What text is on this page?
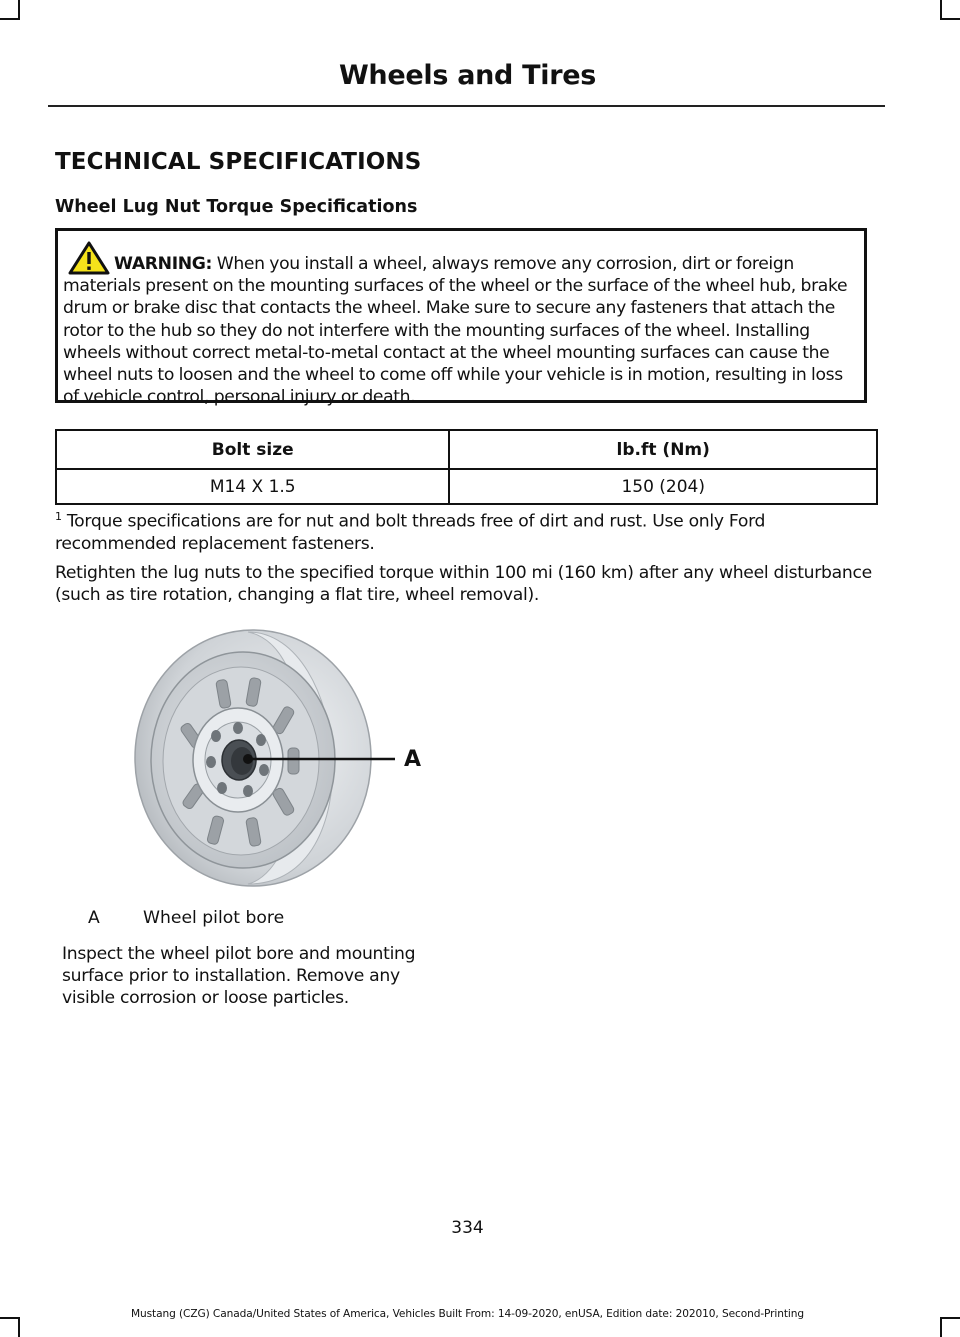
Wheels and Tires
TECHNICAL SPECIFICATIONS
Wheel Lug Nut Torque Specifications
WARNING: When you install a wheel, always remove any corrosion, dirt or foreign materials present on the mounting surfaces of the wheel or the surface of the wheel hub, brake drum or brake disc that contacts the wheel. Make sure to secure any fasteners that attach the rotor to the hub so they do not interfere with the mounting surfaces of the wheel. Installing wheels without correct metal-to-metal contact at the wheel mounting surfaces can cause the wheel nuts to loosen and the wheel to come off while your vehicle is in motion, resulting in loss of vehicle control, personal injury or death.
Bolt size	lb.ft (Nm)
M14 X 1.5	150 (204)

$^1$ Torque specifications are for nut and bolt threads free of dirt and rust. Use only Ford recommended replacement fasteners.

Retighten the lug nuts to the specified torque within 100 mi (160 km) after any wheel disturbance (such as tire rotation, changing a flat tire, wheel removal).

A
A	Wheel pilot bore

Inspect the wheel pilot bore and mounting surface prior to installation. Remove any visible corrosion or loose particles.

334

Mustang (CZG) Canada/United States of America, Vehicles Built From: 14-09-2020, enUSA, Edition date: 202010, Second-Printing
